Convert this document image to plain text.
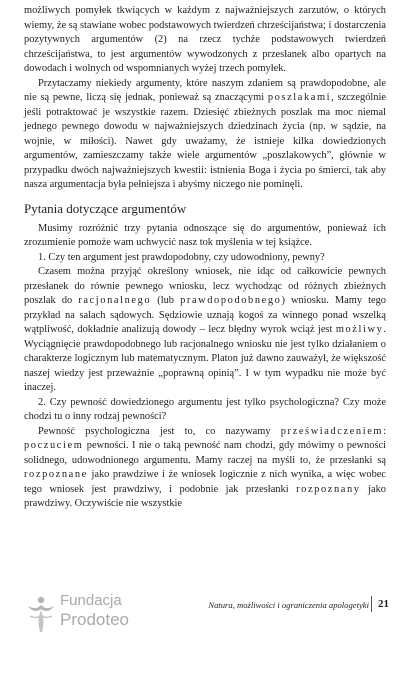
możliwych pomyłek tkwiących w każdym z najważniejszych zarzutów, o których wiemy, że są stawiane wobec podstawowych twierdzeń chrześcijaństwa; i dostarczenia pozytywnych argumentów (2) na rzecz tychże podstawowych twierdzeń chrześcijaństwa, to jest argumentów wywodzonych z przesłanek albo opartych na dowodach i wolnych od wspomnianych wyżej trzech pomyłek.

Przytaczamy niekiedy argumenty, które naszym zdaniem są prawdopodobne, ale nie są pewne, liczą się jednak, ponieważ są znaczącymi poszlakami, szczególnie jeśli potraktować je wszystkie razem. Dziesięć zbieżnych poszlak ma moc niemal jednego pewnego dowodu w najważniejszych dziedzinach życia (np. w sądzie, na wojnie, w miłości). Nawet gdy uważamy, że istnieje kilka dowiedzionych argumentów, zamieszczamy także wiele argumentów „poszlakowych”, głównie w przypadku dwóch najważniejszych kwestii: istnienia Boga i życia po śmierci, tak aby nasza argumentacja była pełniejsza i abyśmy niczego nie pominęli.

Pytania dotyczące argumentów

Musimy rozróżnić trzy pytania odnoszące się do argumentów, ponieważ ich zrozumienie pomoże wam uchwycić nasz tok myślenia w tej książce.

1. Czy ten argument jest prawdopodobny, czy udowodniony, pewny?

Czasem można przyjąć określony wniosek, nie idąc od całkowicie pewnych przesłanek do równie pewnego wniosku, lecz wychodząc od różnych zbieżnych poszlak do racjonalnego (lub prawdopodobnego) wniosku. Mamy tego przykład na salach sądowych. Sędziowie uznają kogoś za winnego ponad wszelką wątpliwość, dokładnie analizują dowody – lecz błędny wyrok wciąż jest możliwy. Wyciągnięcie prawdopodobnego lub racjonalnego wniosku nie jest tylko działaniem o charakterze logicznym lub matematycznym. Platon już dawno zauważył, że większość naszej wiedzy jest przeważnie „poprawną opinią”. I w tym wypadku nie może być inaczej.

2. Czy pewność dowiedzionego argumentu jest tylko psychologiczna? Czy może chodzi tu o inny rodzaj pewności?

Pewność psychologiczna jest to, co nazywamy przeświadczeniem: poczuciem pewności. I nie o taką pewność nam chodzi, gdy mówimy o pewności solidnego, udowodnionego argumentu. Mamy raczej na myśli to, że przesłanki są rozpoznane jako prawdziwe i że wniosek logicznie z nich wynika, a więc wobec tego wniosek jest prawdziwy, i podobnie jak przesłanki rozpoznany jako prawdziwy. Oczywiście nie wszystkie

Fundacja
Prodoteo
Natura, możliwości i ograniczenia apologetyki 21
